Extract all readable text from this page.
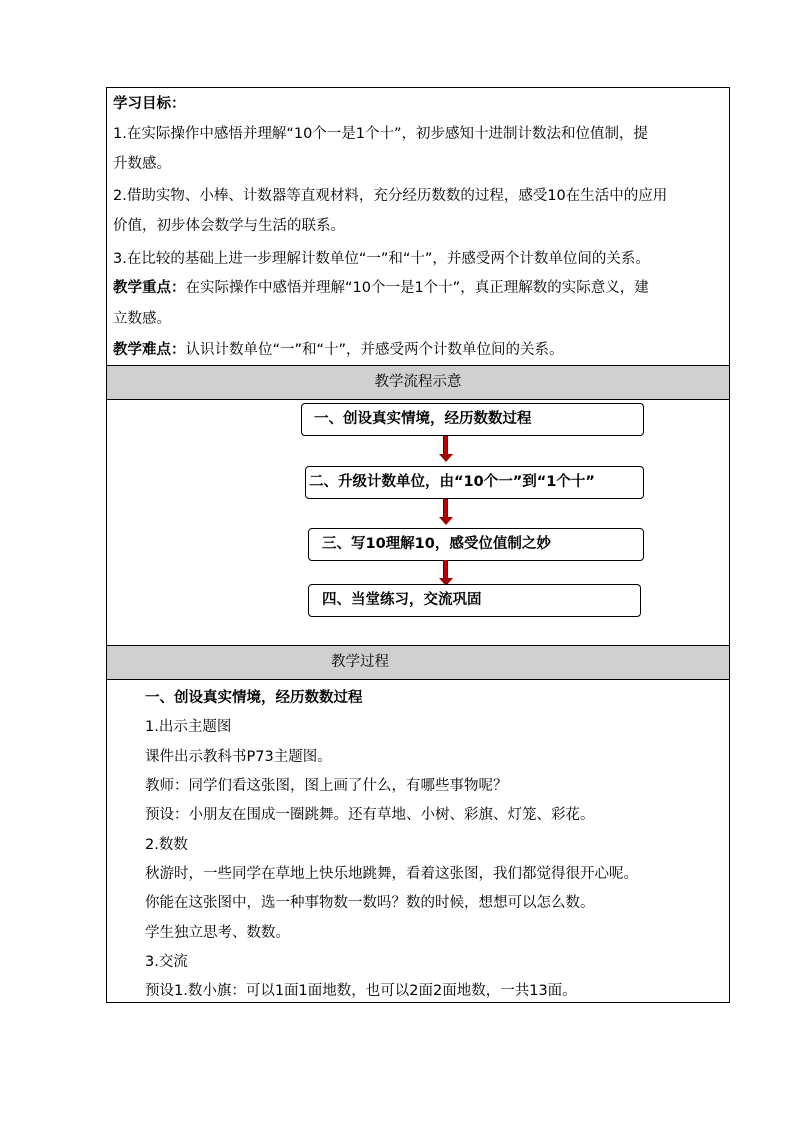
学习目标：
1.在实际操作中感悟并理解“10个一是1个十”，初步感知十进制计数法和位值制，提
升数感。
2.借助实物、小棒、计数器等直观材料，充分经历数数的过程，感受10在生活中的应用
价值，初步体会数学与生活的联系。
3.在比较的基础上进一步理解计数单位“一”和“十”，并感受两个计数单位间的关系。
教学重点：在实际操作中感悟并理解“10个一是1个十”，真正理解数的实际意义，建
立数感。
教学难点：认识计数单位“一”和“十”，并感受两个计数单位间的关系。
教学流程示意
一、创设真实情境，经历数数过程
二、升级计数单位，由“10个一”到“1个十”
三、写10理解10，感受位值制之妙
四、当堂练习，交流巩固
教学过程
一、创设真实情境，经历数数过程
1.出示主题图
课件出示教科书P73主题图。
教师：同学们看这张图，图上画了什么，有哪些事物呢？
预设：小朋友在围成一圈跳舞。还有草地、小树、彩旗、灯笼、彩花。
2.数数
秋游时，一些同学在草地上快乐地跳舞，看着这张图，我们都觉得很开心呢。
你能在这张图中，选一种事物数一数吗？数的时候，想想可以怎么数。
学生独立思考、数数。
3.交流
预设1.数小旗：可以1面1面地数，也可以2面2面地数，一共13面。
